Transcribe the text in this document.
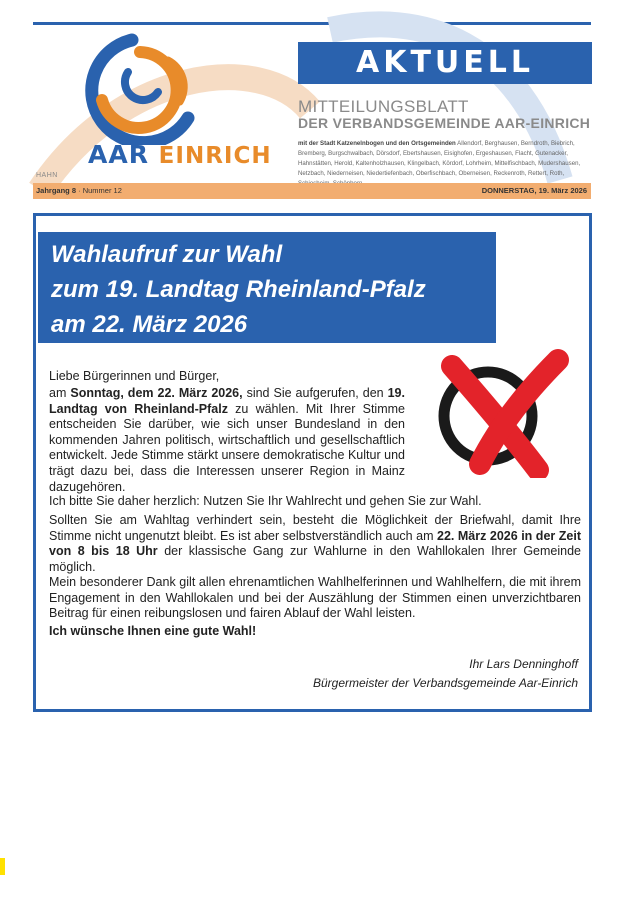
AAR EINRICH
HAHN
AKTUELL
MITTEILUNGSBLATT
DER VERBANDSGEMEINDE AAR-EINRICH
mit der Stadt Katzenelnbogen und den Ortsgemeinden Allendorf, Berghausen, Berndroth, Biebrich, Bremberg, Burgschwalbach, Dörsdorf, Ebertshausen, Eisighofen, Ergeshausen, Flacht, Gutenacker, Hahnstätten, Herold, Kaltenholzhausen, Klingelbach, Kördorf, Lohrheim, Mittelfischbach, Mudershausen, Netzbach, Niederneisen, Niedertiefenbach, Oberfischbach, Oberneisen, Reckenroth, Rettert, Roth,
Jahrgang 8 · Nummer 12	DONNERSTAG, 19. März 2026
Wahlaufruf zur Wahl
zum 19. Landtag Rheinland-Pfalz
am 22. März 2026

Liebe Bürgerinnen und Bürger,

am Sonntag, dem 22. März 2026, sind Sie aufgerufen, den 19. Landtag von Rheinland-Pfalz zu wählen. Mit Ihrer Stimme entscheiden Sie darüber, wie sich unser Bundesland in den kommenden Jahren politisch, wirtschaftlich und gesellschaftlich entwickelt. Jede Stimme stärkt unsere demokratische Kultur und trägt dazu bei, dass die Interessen unserer Region in Mainz dazugehören.

Ich bitte Sie daher herzlich: Nutzen Sie Ihr Wahlrecht und gehen Sie zur Wahl.

Sollten Sie am Wahltag verhindert sein, besteht die Möglichkeit der Briefwahl, damit Ihre Stimme nicht ungenutzt bleibt. Es ist aber selbstverständlich auch am 22. März 2026 in der Zeit von 8 bis 18 Uhr der klassische Gang zur Wahlurne in den Wahllokalen Ihrer Gemeinde möglich.

Mein besonderer Dank gilt allen ehrenamtlichen Wahlhelferinnen und Wahlhelfern, die mit ihrem Engagement in den Wahllokalen und bei der Auszählung der Stimmen einen unverzichtbaren Beitrag für einen reibungslosen und fairen Ablauf der Wahl leisten.

Ich wünsche Ihnen eine gute Wahl!

Ihr Lars Denninghoff
Bürgermeister der Verbandsgemeinde Aar-Einrich
